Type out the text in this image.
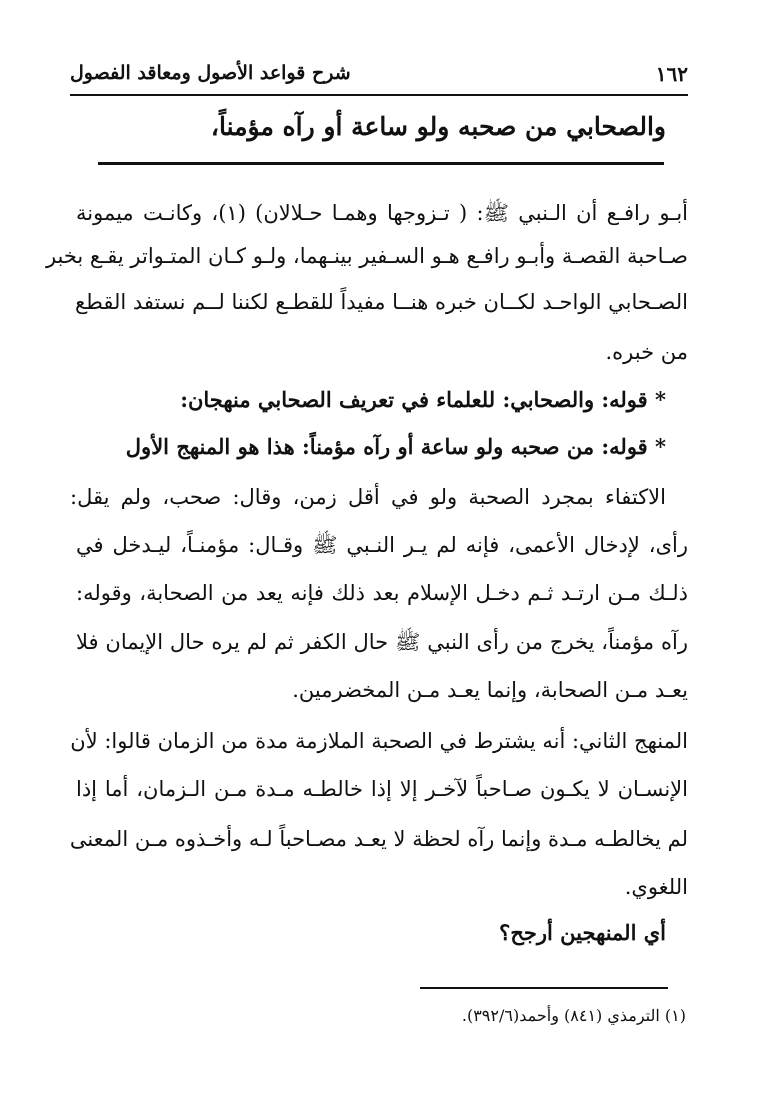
١٦٢
شرح قواعد الأصول ومعاقد الفصول
والصحابي من صحبه ولو ساعة أو رآه مؤمناً،
أبـو رافـع أن الـنبي ﷺ: ( تـزوجها وهمـا حـلالان) (١)، وكانـت ميمونة
صـاحبة القصـة وأبـو رافـع هـو السـفير بينـهما، ولـو كـان المتـواتر يقـع بخبر
الصـحابي الواحـد لكــان خبره هنــا مفيداً للقطـع لكننا لــم نستفد القطع
من خبره.
* قوله: والصحابي: للعلماء في تعريف الصحابي منهجان:
* قوله: من صحبه ولو ساعة أو رآه مؤمناً: هذا هو المنهج الأول
الاكتفاء بمجرد الصحبة ولو في أقل زمن، وقال: صحب، ولم يقل:
رأى، لإدخال الأعمى، فإنه لم يـر النـبي ﷺ وقـال: مؤمنـاً، ليـدخل في
ذلـك مـن ارتـد ثـم دخـل الإسلام بعد ذلك فإنه يعد من الصحابة، وقوله:
رآه مؤمناً، يخرج من رأى النبي ﷺ حال الكفر ثم لم يره حال الإيمان فلا
يعـد مـن الصحابة، وإنما يعـد مـن المخضرمين.
المنهج الثاني: أنه يشترط في الصحبة الملازمة مدة من الزمان قالوا: لأن
الإنسـان لا يكـون صـاحباً لآخـر إلا إذا خالطـه مـدة مـن الـزمان، أما إذا
لم يخالطـه مـدة وإنما رآه لحظة لا يعـد مصـاحباً لـه وأخـذوه مـن المعنى
اللغوي.
أي المنهجين أرجح؟
(١) الترمذي (٨٤١) وأحمد(٣٩٢/٦).
